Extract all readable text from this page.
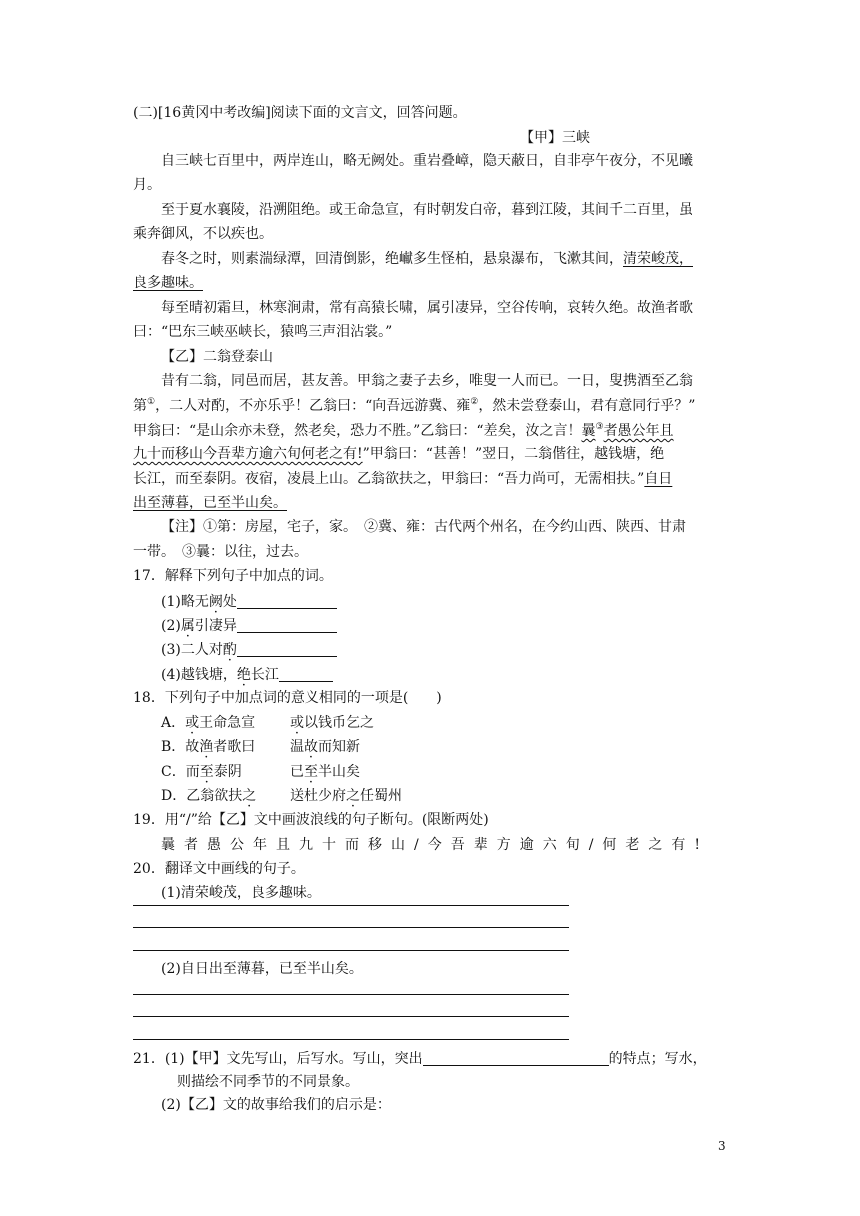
(二)[16黄冈中考改编]阅读下面的文言文，回答问题。
【甲】三峡
自三峡七百里中，两岸连山，略无阙处。重岩叠嶂，隐天蔽日，自非亭午夜分，不见曦
月。
至于夏水襄陵，沿溯阻绝。或王命急宣，有时朝发白帝，暮到江陵，其间千二百里，虽
乘奔御风，不以疾也。
春冬之时，则素湍绿潭，回清倒影，绝𪩘多生怪柏，悬泉瀑布，飞漱其间，清荣峻茂，
良多趣味。
每至晴初霜旦，林寒涧肃，常有高猿长啸，属引凄异，空谷传响，哀转久绝。故渔者歌
曰：“巴东三峡巫峡长，猿鸣三声泪沾裳。”
【乙】二翁登泰山
昔有二翁，同邑而居，甚友善。甲翁之妻子去乡，唯叟一人而已。一日，叟携酒至乙翁
第①，二人对酌，不亦乐乎！乙翁曰：“向吾远游冀、雍②，然未尝登泰山，君有意同行乎？”
甲翁曰：“是山余亦未登，然老矣，恐力不胜。”乙翁曰：“差矣，汝之言！曩③者愚公年且
九十而移山今吾辈方逾六旬何老之有!”甲翁曰：“甚善！”翌日，二翁偕往，越钱塘，绝
长江，而至泰阴。夜宿，凌晨上山。乙翁欲扶之，甲翁曰：“吾力尚可，无需相扶。”自日
出至薄暮，已至半山矣。
【注】①第：房屋，宅子，家。　②冀、雍：古代两个州名，在今约山西、陕西、甘肃
一带。　③曩：以往，过去。
17．解释下列句子中加点的词。
(1)略无阙处
(2)属引凄异
(3)二人对酌
(4)越钱塘，绝长江
18．下列句子中加点词的意义相同的一项是(　　)
A．或王命急宣 或以钱币乞之
B．故渔者歌曰 温故而知新
C．而至泰阴	已至半山矣
D．乙翁欲扶之 送杜少府之任蜀州
19．用“/”给【乙】文中画波浪线的句子断句。(限断两处)
曩者愚公年且九十而移山/今吾辈方逾六旬/何老之有!
20．翻译文中画线的句子。
(1)清荣峻茂，良多趣味。
(2)自日出至薄暮，已至半山矣。
21．(1)【甲】文先写山，后写水。写山，突出	的特点；写水，
则描绘不同季节的不同景象。
(2)【乙】文的故事给我们的启示是：
3
